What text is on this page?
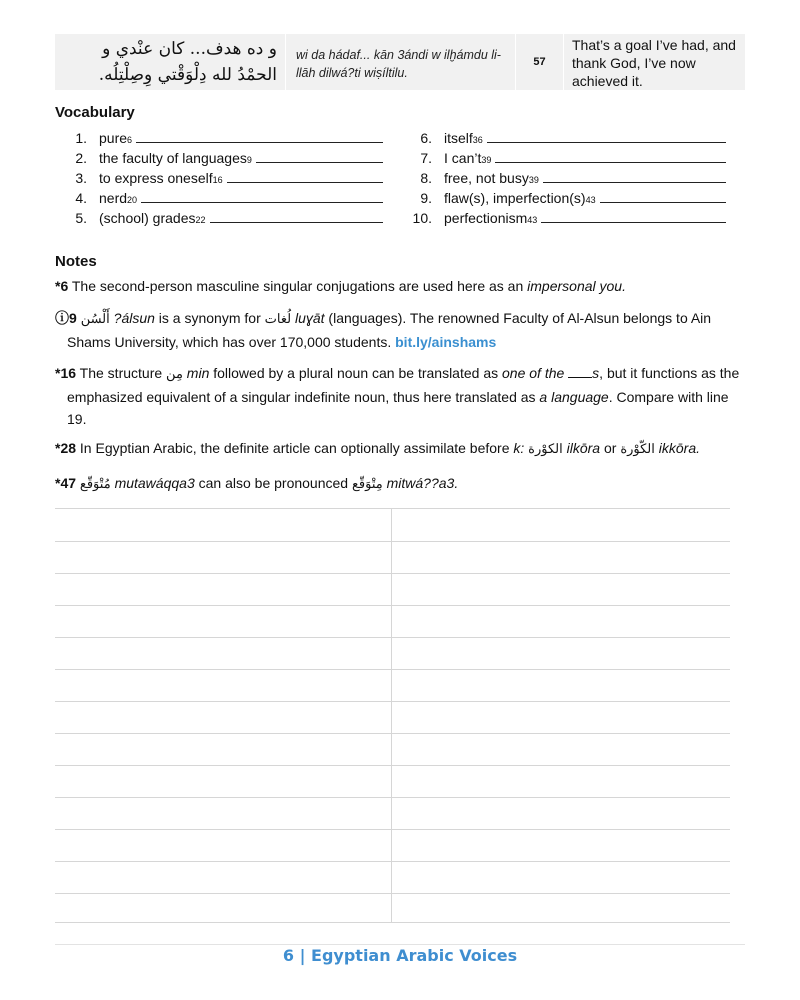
و ده هدف... كان عنْدي و الحمْدُ لله دِلْوَقْتي وِصِلْتِلُه.
wi da hádaf... kān 3ándi w ilḫámdu li-llāh dilwá?ti wiṣíltilu.
57
That’s a goal I’ve had, and thank God, I’ve now achieved it.
Vocabulary
1. pure 6
2. the faculty of languages 9
3. to express oneself 16
4. nerd 20
5. (school) grades 22
6. itself 36
7. I can’t 39
8. free, not busy 39
9. flaw(s), imperfection(s) 43
10. perfectionism 43
Notes
*6 The second-person masculine singular conjugations are used here as an impersonal you.
ⓘ9 أَلْسُن ?álsun is a synonym for لُغات luɣāt (languages). The renowned Faculty of Al-Alsun belongs to Ain Shams University, which has over 170,000 students. bit.ly/ainshams
*16 The structure مِن min followed by a plural noun can be translated as one of the s, but it functions as the emphasized equivalent of a singular indefinite noun, thus here translated as a language. Compare with line 19.
*28 In Egyptian Arabic, the definite article can optionally assimilate before k: الكوْرة ilkōra or الكّوْرة ikkōra.
*47 مُتْوَقّع mutawáqqa3 can also be pronounced مِتْوَقّع mitwá??a3.
6 | Egyptian Arabic Voices
